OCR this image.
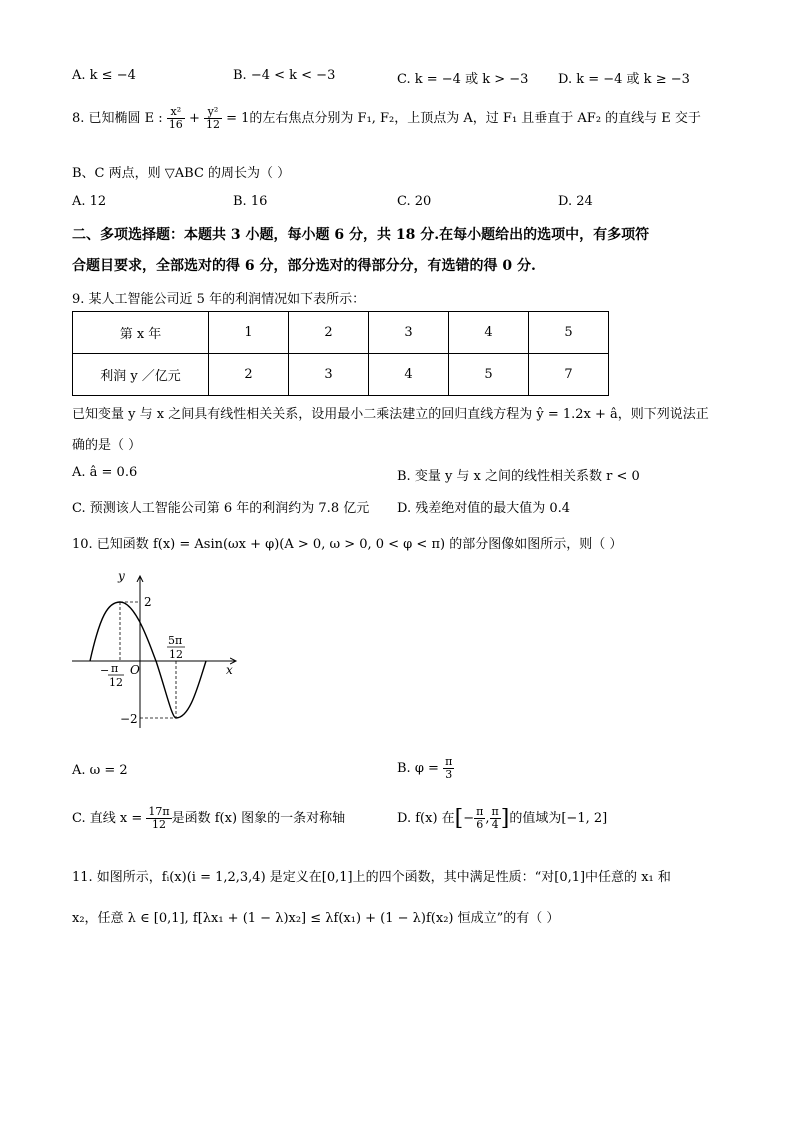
A. k ≤ −4	B. −4 < k < −3	C. k = −4 或 k > −3 D. k = −4 或 k ≥ −3
8. 已知椭圆 E : $\frac{\text{x²}}{16} + \frac{\text{y²}}{12} = 1$的左右焦点分别为 F₁, F₂，上顶点为 A，过 F₁ 且垂直于 AF₂ 的直线与 E 交于
B、C 两点，则 ▽ABC 的周长为（ ）
A. 12	B. 16	C. 20	D. 24
二、多项选择题：本题共 3 小题，每小题 6 分，共 18 分.在每小题给出的选项中，有多项符
合题目要求，全部选对的得 6 分，部分选对的得部分分，有选错的得 0 分.
9. 某人工智能公司近 5 年的利润情况如下表所示：
第 x 年	1	2	3	4	5
利润 y ／亿元	2	3	4	5	7
已知变量 y 与 x 之间具有线性相关关系，设用最小二乘法建立的回归直线方程为 ŷ = 1.2x + â，则下列说法正
确的是（ ）
A. â = 0.6	B. 变量 y 与 x 之间的线性相关系数 r < 0
C. 预测该人工智能公司第 6 年的利润约为 7.8 亿元 D. 残差绝对值的最大值为 0.4
10. 已知函数 f(x) = Asin(ωx + φ)(A > 0, ω > 0, 0 < φ < π) 的部分图像如图所示，则（ ）
y
x
O
2
−2
− π
12
5π
12
A. ω = 2	B. $\varphi = \frac{\pi}{3}$
C. 直线 $x = \frac{17\pi}{12}$ 是函数 f(x) 图象的一条对称轴	D. f(x) 在[− $\frac{\pi}{6}$ , $\frac{\pi}{4}$ ]的值域为[−1, 2]
11. 如图所示，fᵢ(x)(i = 1,2,3,4) 是定义在[0,1]上的四个函数，其中满足性质：“对[0,1]中任意的 x₁ 和
x₂，任意 λ ∈ [0,1], f[λx₁ + (1 − λ)x₂] ≤ λf(x₁) + (1 − λ)f(x₂) 恒成立”的有（ ）
